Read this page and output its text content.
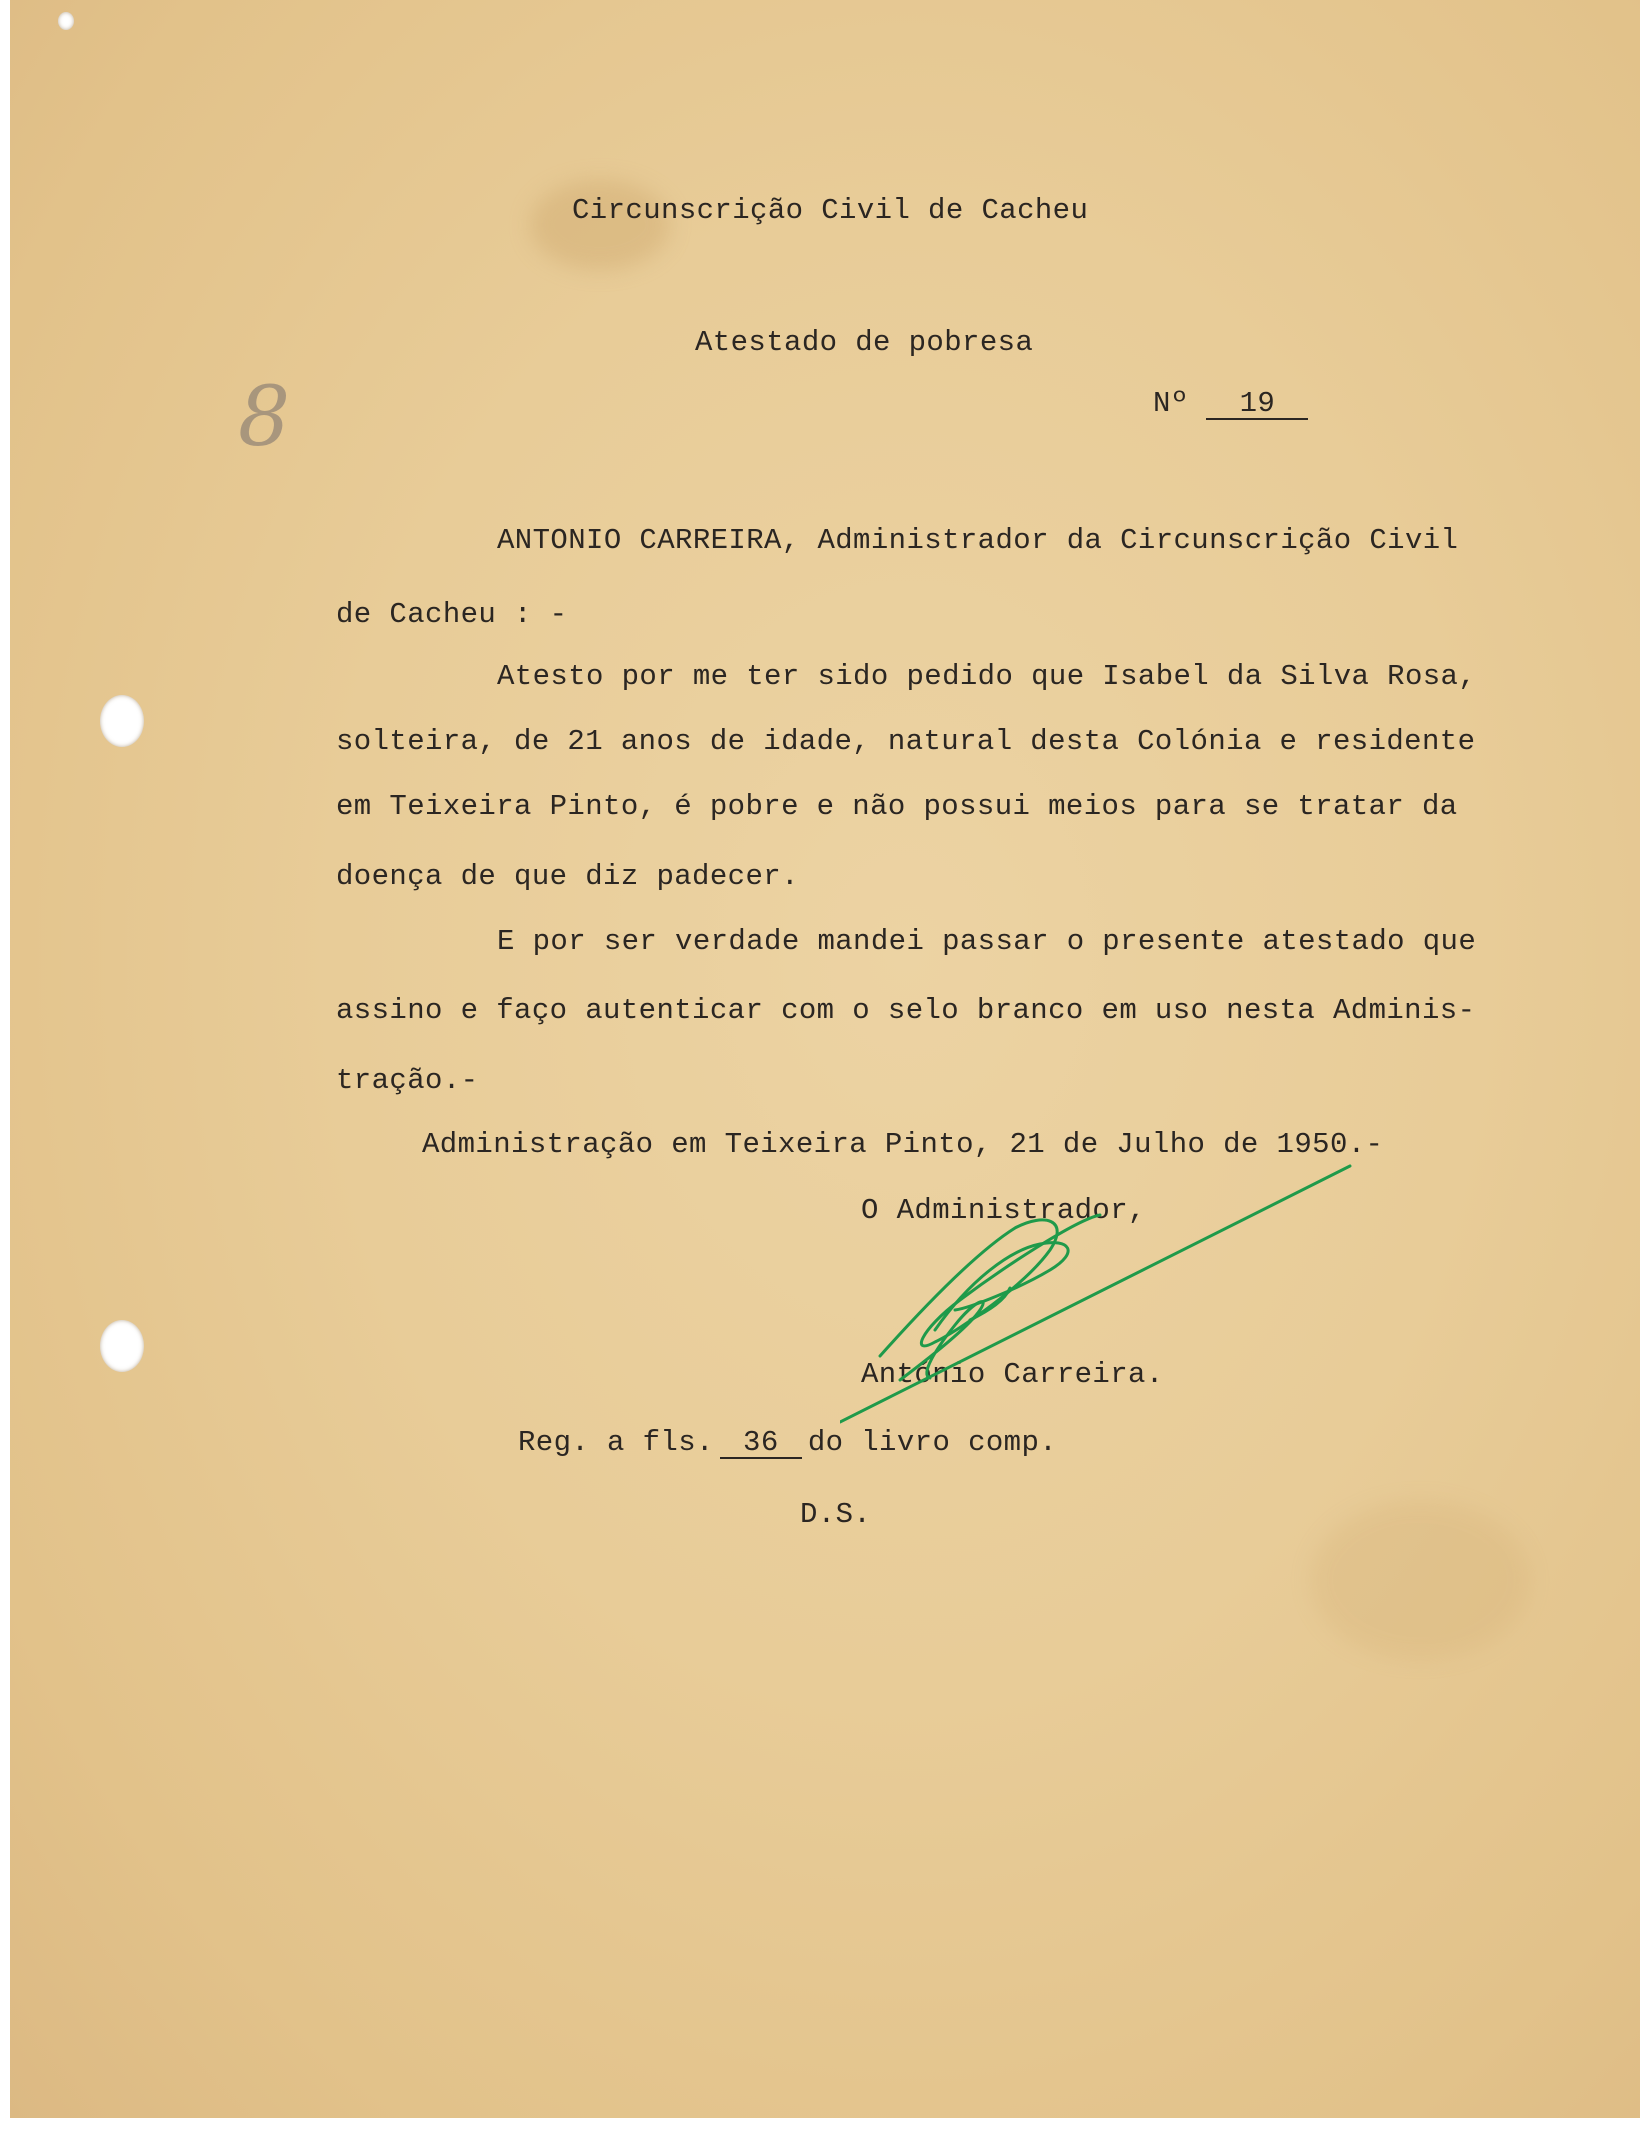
8
Circunscrição Civil de Cacheu
Atestado de pobresa
Nº 19
ANTONIO CARREIRA, Administrador da Circunscrição Civil
de Cacheu : -
Atesto por me ter sido pedido que Isabel da Silva Rosa,
solteira, de 21 anos de idade, natural desta Colónia e residente
em Teixeira Pinto, é pobre e não possui meios para se tratar da
doença de que diz padecer.
E por ser verdade mandei passar o presente atestado que
assino e faço autenticar com o selo branco em uso nesta Adminis-
tração.-
Administração em Teixeira Pinto, 21 de Julho de 1950.-
O Administrador,
António Carreira.
Reg. a fls. 36 do livro comp.
D.S.
